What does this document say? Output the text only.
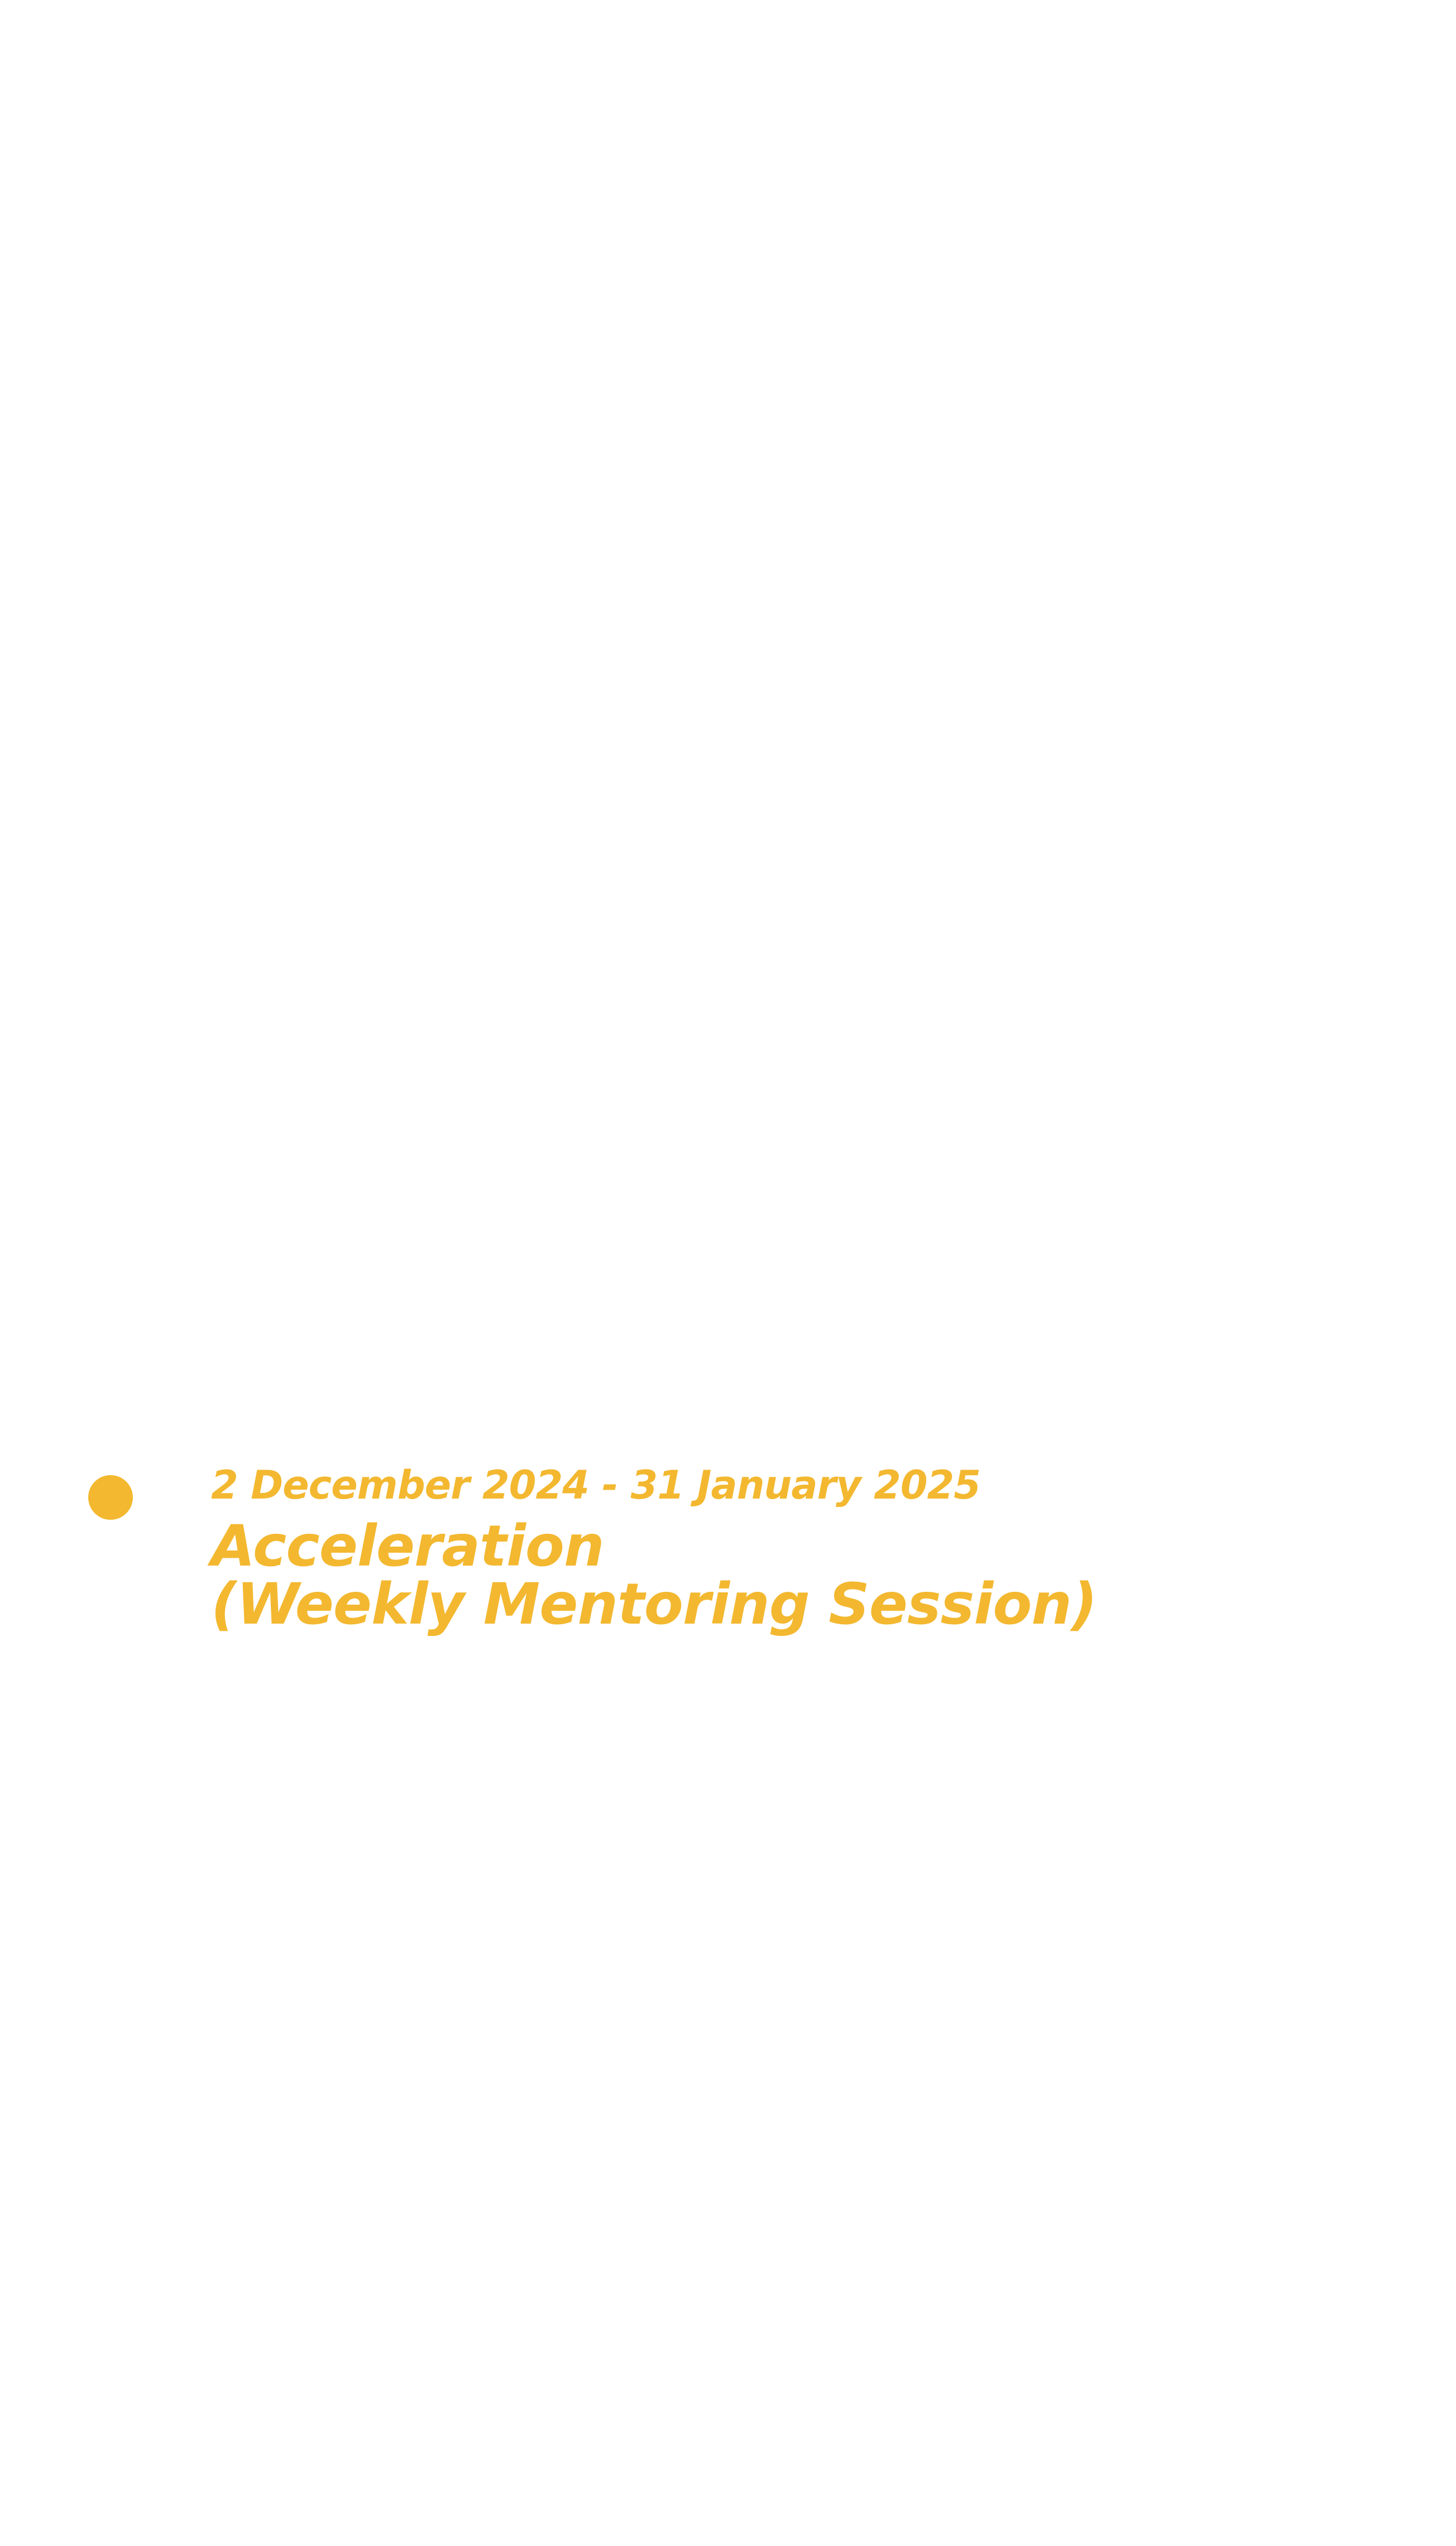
2 December 2024 - 31 January 2025

Acceleration
(Weekly Mentoring Session)
